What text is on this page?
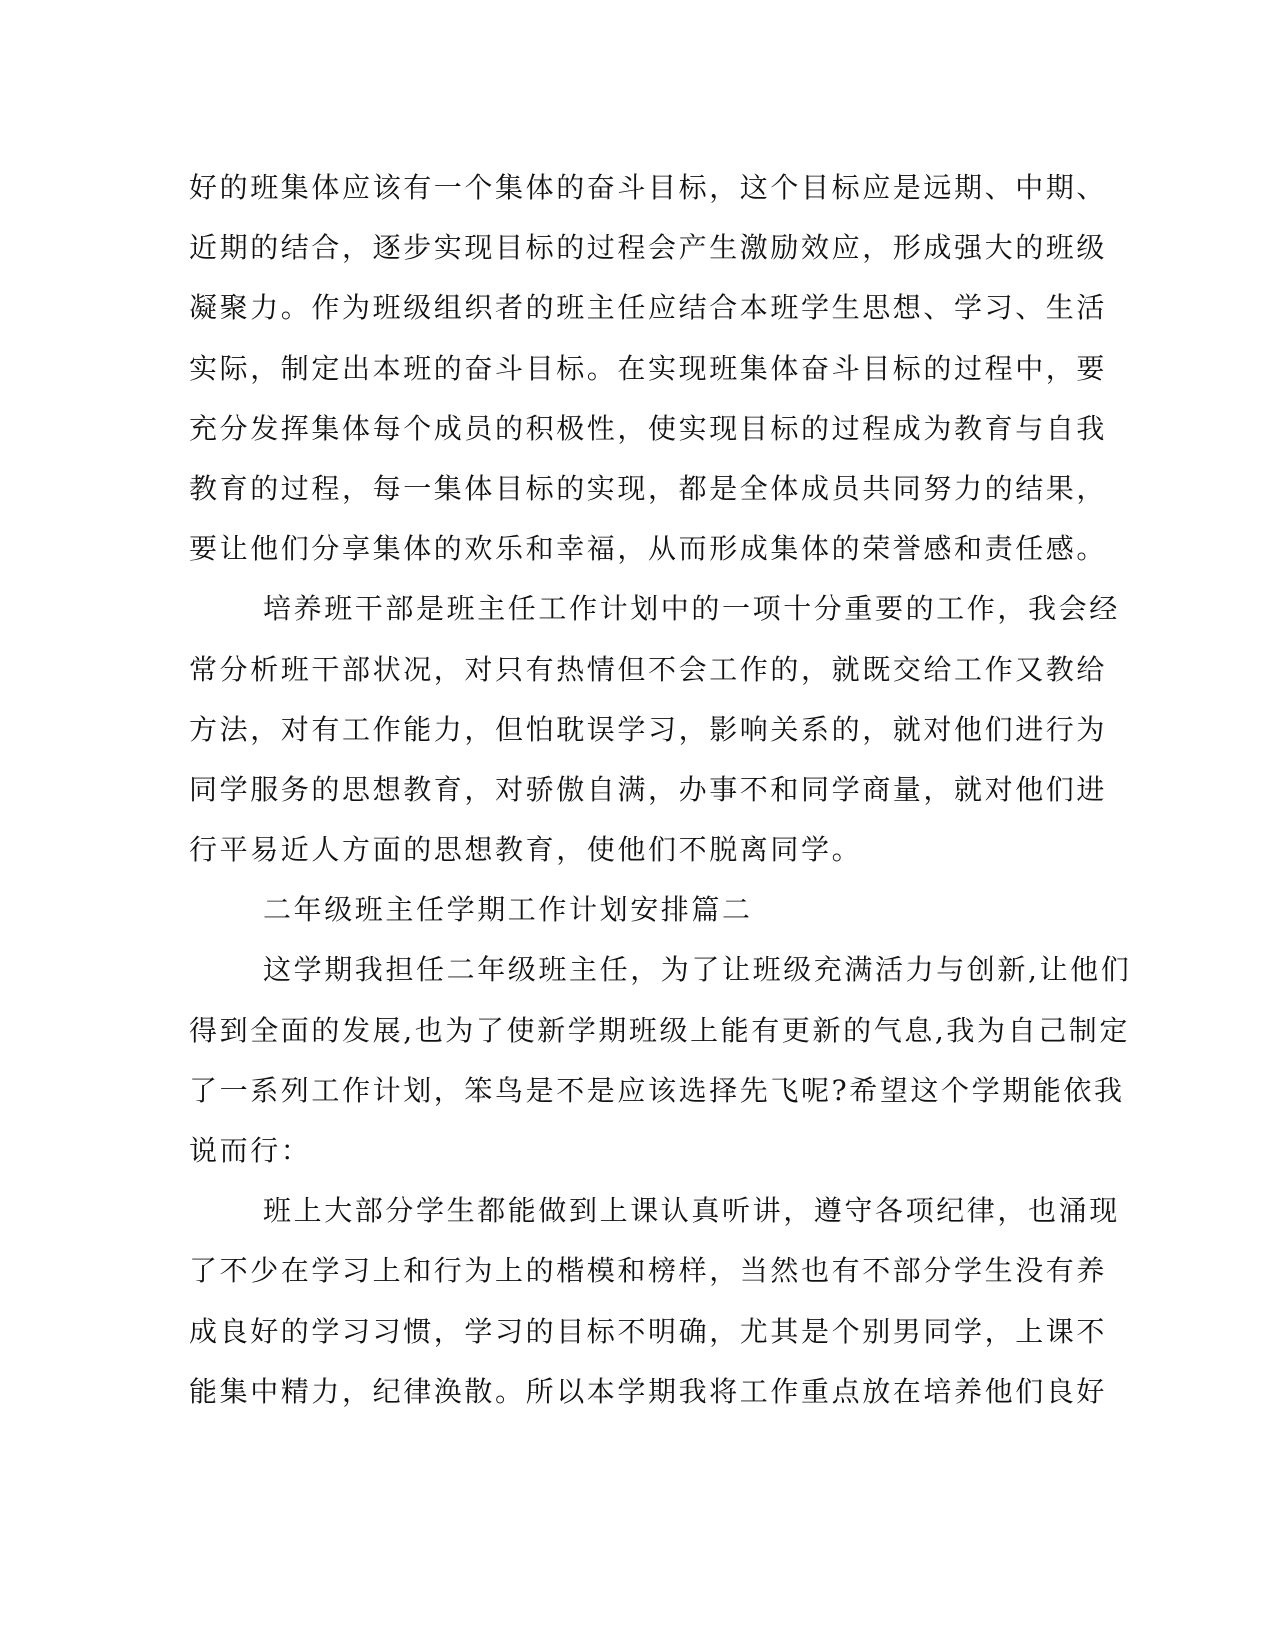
好的班集体应该有一个集体的奋斗目标，这个目标应是远期、中期、
近期的结合，逐步实现目标的过程会产生激励效应，形成强大的班级
凝聚力。作为班级组织者的班主任应结合本班学生思想、学习、生活
实际，制定出本班的奋斗目标。在实现班集体奋斗目标的过程中，要
充分发挥集体每个成员的积极性，使实现目标的过程成为教育与自我
教育的过程，每一集体目标的实现，都是全体成员共同努力的结果，
要让他们分享集体的欢乐和幸福，从而形成集体的荣誉感和责任感。
培养班干部是班主任工作计划中的一项十分重要的工作，我会经
常分析班干部状况，对只有热情但不会工作的，就既交给工作又教给
方法，对有工作能力，但怕耽误学习，影响关系的，就对他们进行为
同学服务的思想教育，对骄傲自满，办事不和同学商量，就对他们进
行平易近人方面的思想教育，使他们不脱离同学。
二年级班主任学期工作计划安排篇二
这学期我担任二年级班主任，为了让班级充满活力与创新,让他们
得到全面的发展,也为了使新学期班级上能有更新的气息,我为自己制定
了一系列工作计划，笨鸟是不是应该选择先飞呢?希望这个学期能依我
说而行：
班上大部分学生都能做到上课认真听讲，遵守各项纪律，也涌现
了不少在学习上和行为上的楷模和榜样，当然也有不部分学生没有养
成良好的学习习惯，学习的目标不明确，尤其是个别男同学，上课不
能集中精力，纪律涣散。所以本学期我将工作重点放在培养他们良好
